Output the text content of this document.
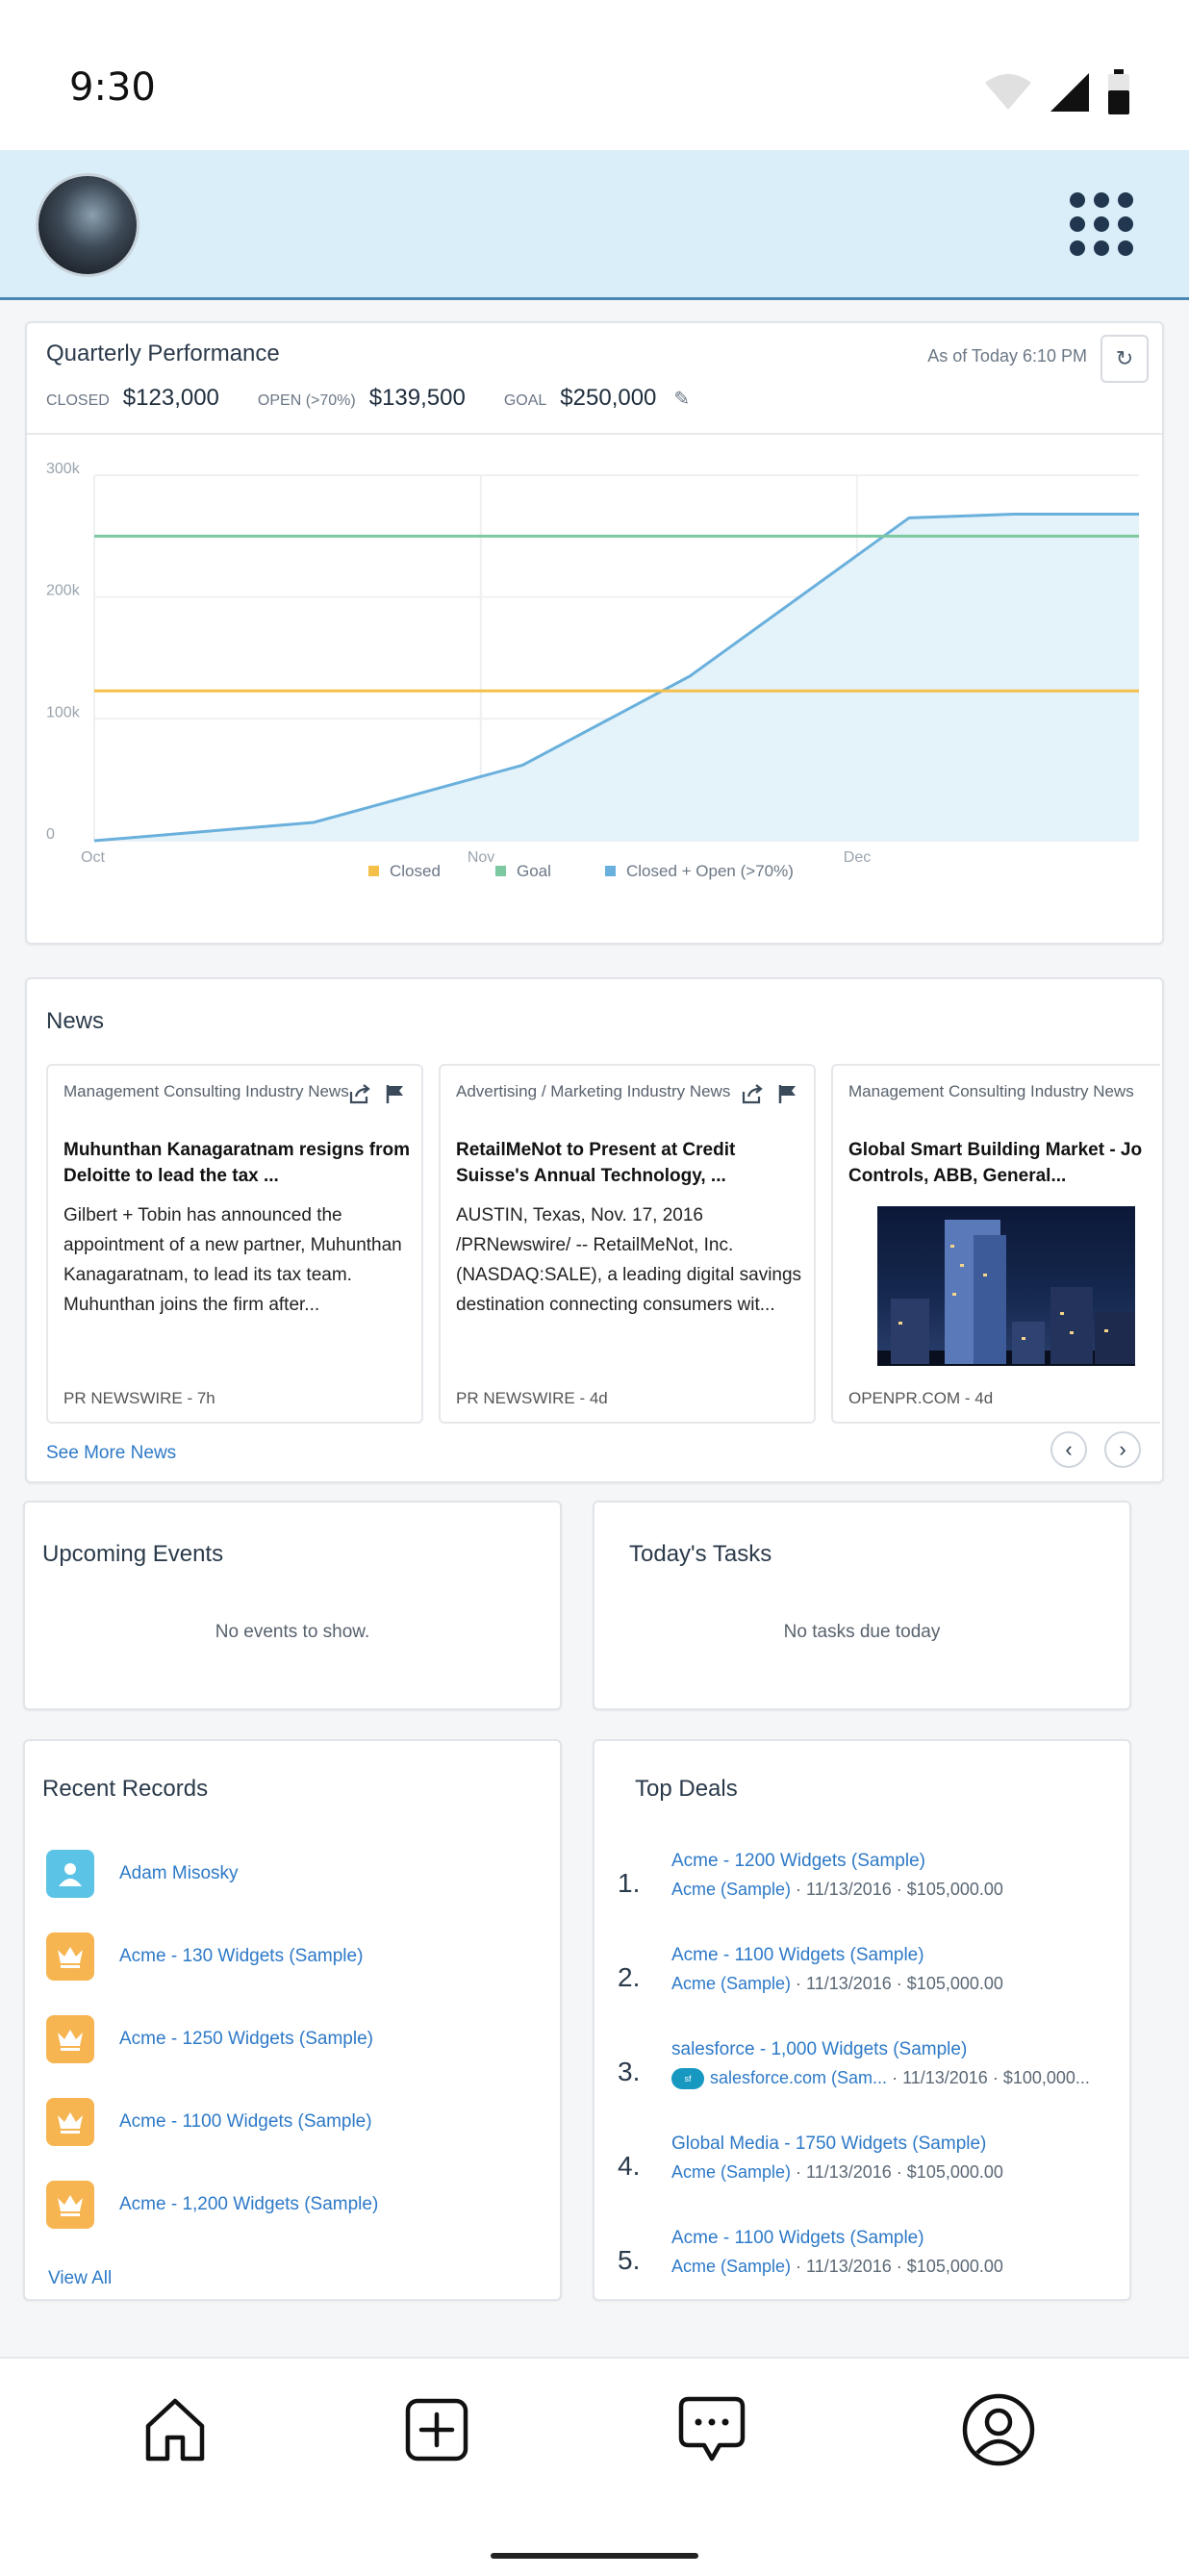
9:30
Quarterly Performance	As of Today 6:10 PM ↻
CLOSED $123,000	OPEN (>70%) $139,500	GOAL $250,000 ✎
0
100k
200k
300k
Oct	Nov	Dec
Closed	Goal	Closed + Open (>70%)
News
Management Consulting Industry News
Muhunthan Kanagaratnam resigns from Deloitte to lead the tax ...
Gilbert + Tobin has announced the appointment of a new partner, Muhunthan Kanagaratnam, to lead its tax team. Muhunthan joins the firm after...
PR NEWSWIRE - 7h
Advertising / Marketing Industry News
RetailMeNot to Present at Credit Suisse's Annual Technology, ...
AUSTIN, Texas, Nov. 17, 2016 /PRNewswire/ -- RetailMeNot, Inc. (NASDAQ:SALE), a leading digital savings destination connecting consumers wit...
PR NEWSWIRE - 4d
Management Consulting Industry News
Global Smart Building Market - Jo Controls, ABB, General...
OPENPR.COM - 4d
See More News	‹	›
Upcoming Events
No events to show.
Today's Tasks
No tasks due today
Recent Records
Adam Misosky
Acme - 130 Widgets (Sample)
Acme - 1250 Widgets (Sample)
Acme - 1100 Widgets (Sample)
Acme - 1,200 Widgets (Sample)
View All
Top Deals
1.
Acme - 1200 Widgets (Sample)
Acme (Sample) · 11/13/2016 · $105,000.00
2.
Acme - 1100 Widgets (Sample)
Acme (Sample) · 11/13/2016 · $105,000.00
3.
salesforce - 1,000 Widgets (Sample)
sf salesforce.com (Sam... · 11/13/2016 · $100,000...
4.
Global Media - 1750 Widgets (Sample)
Acme (Sample) · 11/13/2016 · $105,000.00
5.
Acme - 1100 Widgets (Sample)
Acme (Sample) · 11/13/2016 · $105,000.00
